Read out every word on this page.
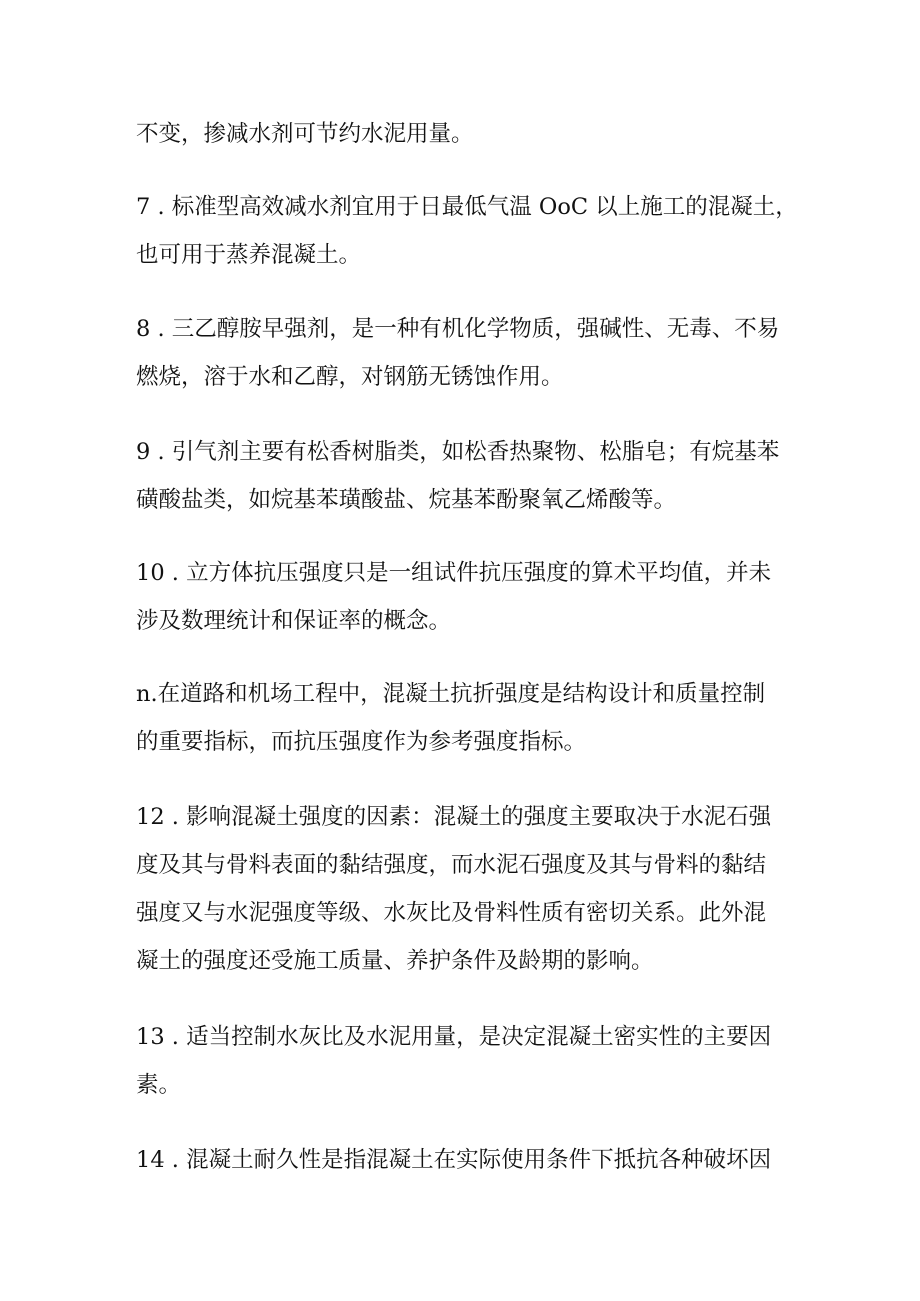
不变，掺减水剂可节约水泥用量。

7 . 标准型高效减水剂宜用于日最低气温 OoC 以上施工的混凝土，
也可用于蒸养混凝土。

8 . 三乙醇胺早强剂，是一种有机化学物质，强碱性、无毒、不易
燃烧，溶于水和乙醇，对钢筋无锈蚀作用。

9 . 引气剂主要有松香树脂类，如松香热聚物、松脂皂；有烷基苯
磺酸盐类，如烷基苯璜酸盐、烷基苯酚聚氧乙烯酸等。

10 . 立方体抗压强度只是一组试件抗压强度的算术平均值，并未
涉及数理统计和保证率的概念。

n.在道路和机场工程中，混凝土抗折强度是结构设计和质量控制
的重要指标，而抗压强度作为参考强度指标。

12 . 影响混凝土强度的因素：混凝土的强度主要取决于水泥石强
度及其与骨料表面的黏结强度，而水泥石强度及其与骨料的黏结
强度又与水泥强度等级、水灰比及骨料性质有密切关系。此外混
凝土的强度还受施工质量、养护条件及龄期的影响。

13 . 适当控制水灰比及水泥用量，是决定混凝土密实性的主要因
素。

14 . 混凝土耐久性是指混凝土在实际使用条件下抵抗各种破坏因
